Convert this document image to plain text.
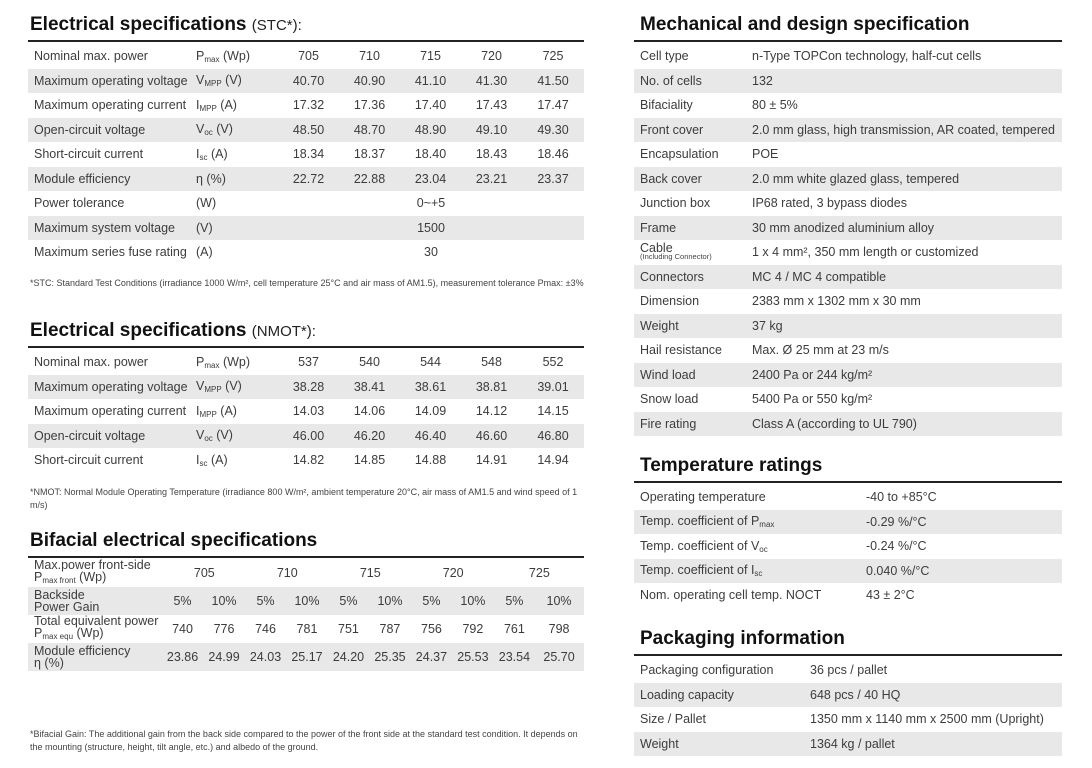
Electrical specifications (STC*):
Nominal max. power	$P_{max}$ (Wp)	705	710	715	720	725
Maximum operating voltage	$V_{MPP}$ (V)	40.70	40.90	41.10	41.30	41.50
Maximum operating current	$I_{MPP}$ (A)	17.32	17.36	17.40	17.43	17.47
Open-circuit voltage	$V_{oc}$ (V)	48.50	48.70	48.90	49.10	49.30
Short-circuit current	$I_{sc}$ (A)	18.34	18.37	18.40	18.43	18.46
Module efficiency	η (%)	22.72	22.88	23.04	23.21	23.37
Power tolerance	(W)	0~+5				
Maximum system voltage	(V)	1500				
Maximum series fuse rating	(A)	30				
*STC: Standard Test Conditions (irradiance 1000 W/m², cell temperature 25°C and air mass of AM1.5), measurement tolerance Pmax: ±3%
Electrical specifications (NMOT*):
Nominal max. power	$P_{max}$ (Wp)	537	540	544	548	552
Maximum operating voltage	$V_{MPP}$ (V)	38.28	38.41	38.61	38.81	39.01
Maximum operating current	$I_{MPP}$ (A)	14.03	14.06	14.09	14.12	14.15
Open-circuit voltage	$V_{oc}$ (V)	46.00	46.20	46.40	46.60	46.80
Short-circuit current	$I_{sc}$ (A)	14.82	14.85	14.88	14.91	14.94
*NMOT: Normal Module Operating Temperature (irradiance 800 W/m², ambient temperature 20°C, air mass of AM1.5 and wind speed of 1 m/s)
Bifacial electrical specifications
Max.power front-side
$P_{max front}$ (Wp)	705		710		715		720		725	
Backside
Power Gain	5%	10%	5%	10%	5%	10%	5%	10%	5%	10%
Total equivalent power
$P_{max equ}$ (Wp)	740	776	746	781	751	787	756	792	761	798
Module efficiency
η (%)	23.86	24.99	24.03	25.17	24.20	25.35	24.37	25.53	23.54	25.70
*Bifacial Gain: The additional gain from the back side compared to the power of the front side at the standard test condition. It depends on the mounting (structure, height, tilt angle, etc.) and albedo of the ground.
Mechanical and design specification
Cell type	n-Type TOPCon technology, half-cut cells
No. of cells	132
Bifaciality	80 ± 5%
Front cover	2.0 mm glass, high transmission, AR coated, tempered
Encapsulation	POE
Back cover	2.0 mm white glazed glass, tempered
Junction box	IP68 rated, 3 bypass diodes
Frame	30 mm anodized aluminium alloy
Cable
(Including Connector)	1 x 4 mm², 350 mm length or customized
Connectors	MC 4 / MC 4 compatible
Dimension	2383 mm x 1302 mm x 30 mm
Weight	37 kg
Hail resistance	Max. Ø 25 mm at 23 m/s
Wind load	2400 Pa or 244 kg/m²
Snow load	5400 Pa or 550 kg/m²
Fire rating	Class A (according to UL 790)
Temperature ratings
Operating temperature	-40 to +85°C
Temp. coefficient of $P_{max}$	-0.29 %/°C
Temp. coefficient of $V_{oc}$	-0.24 %/°C
Temp. coefficient of $I_{sc}$	0.040 %/°C
Nom. operating cell temp. NOCT	43 ± 2°C
Packaging information
Packaging configuration	36 pcs / pallet
Loading capacity	648 pcs / 40 HQ
Size / Pallet	1350 mm x 1140 mm x 2500 mm (Upright)
Weight	1364 kg / pallet
